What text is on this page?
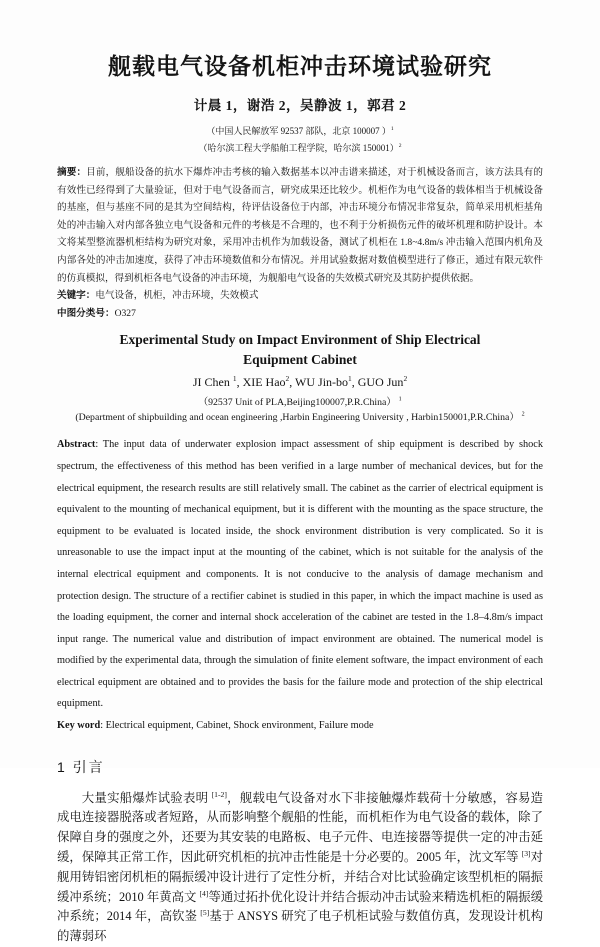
舰载电气设备机柜冲击环境试验研究
计晨 1，谢浩 2，吴静波 1，郭君 2
（中国人民解放军 92537 部队，北京 100007 ）$^1$
（哈尔滨工程大学船舶工程学院，哈尔滨 150001）$^2$

摘要：目前，舰船设备的抗水下爆炸冲击考核的输入数据基本以冲击谱来描述，对于机械设备而言，该方法具有的有效性已经得到了大量验证，但对于电气设备而言，研究成果还比较少。机柜作为电气设备的载体相当于机械设备的基座，但与基座不同的是其为空间结构，待评估设备位于内部，冲击环境分布情况非常复杂，简单采用机柜基角处的冲击输入对内部各独立电气设备和元件的考核是不合理的，也不利于分析损伤元件的破坏机理和防护设计。本文将某型整流器机柜结构为研究对象，采用冲击机作为加载设备，测试了机柜在 1.8~4.8m/s 冲击输入范围内机角及内部各处的冲击加速度，获得了冲击环境数值和分布情况。并用试验数据对数值模型进行了修正，通过有限元软件的仿真模拟，得到机柜各电气设备的冲击环境，为舰船电气设备的失效模式研究及其防护提供依据。

关键字：电气设备，机柜，冲击环境，失效模式

中图分类号：O327

Experimental Study on Impact Environment of Ship Electrical Equipment Cabinet
JI Chen $^1$, XIE Hao$^2$, WU Jin-$bo^1$, GUO Jun$^2$
（92537 Unit of PLA,Beijing100007,P.R.China） $^1$
(Department of shipbuilding and ocean engineering ,Harbin Engineering University , Harbin150001,P.R.China） $^2$

Abstract: The input data of underwater explosion impact assessment of ship equipment is described by shock spectrum, the effectiveness of this method has been verified in a large number of mechanical devices, but for the electrical equipment, the research results are still relatively small. The cabinet as the carrier of electrical equipment is equivalent to the mounting of mechanical equipment, but it is different with the mounting as the space structure, the equipment to be evaluated is located inside, the shock environment distribution is very complicated. So it is unreasonable to use the impact input at the mounting of the cabinet, which is not suitable for the analysis of the internal electrical equipment and components. It is not conducive to the analysis of damage mechanism and protection design. The structure of a rectifier cabinet is studied in this paper, in which the impact machine is used as the loading equipment, the corner and internal shock acceleration of the cabinet are tested in the 1.8–4.8m/s impact input range. The numerical value and distribution of impact environment are obtained. The numerical model is modified by the experimental data, through the simulation of finite element software, the impact environment of each electrical equipment are obtained and to provides the basis for the failure mode and protection of the ship electrical equipment.

Key word: Electrical equipment, Cabinet, Shock environment, Failure mode

1 引言

大量实船爆炸试验表明 [1-2]，舰载电气设备对水下非接触爆炸载荷十分敏感，容易造成电连接器脱落或者短路，从而影响整个舰船的性能，而机柜作为电气设备的载体，除了保障自身的强度之外，还要为其安装的电路板、电子元件、电连接器等提供一定的冲击延缓，保障其正常工作，因此研究机柜的抗冲击性能是十分必要的。2005 年，沈文军等 [3]对舰用铸铝密闭机柜的隔振缓冲设计进行了定性分析，并结合对比试验确定该型机柜的隔振缓冲系统；2010 年黄高文 [4]等通过拓扑优化设计并结合振动冲击试验来精选机柜的隔振缓冲系统；2014 年，高钦崟 [5]基于 ANSYS 研究了电子机柜试验与数值仿真，发现设计机构的薄弱环
